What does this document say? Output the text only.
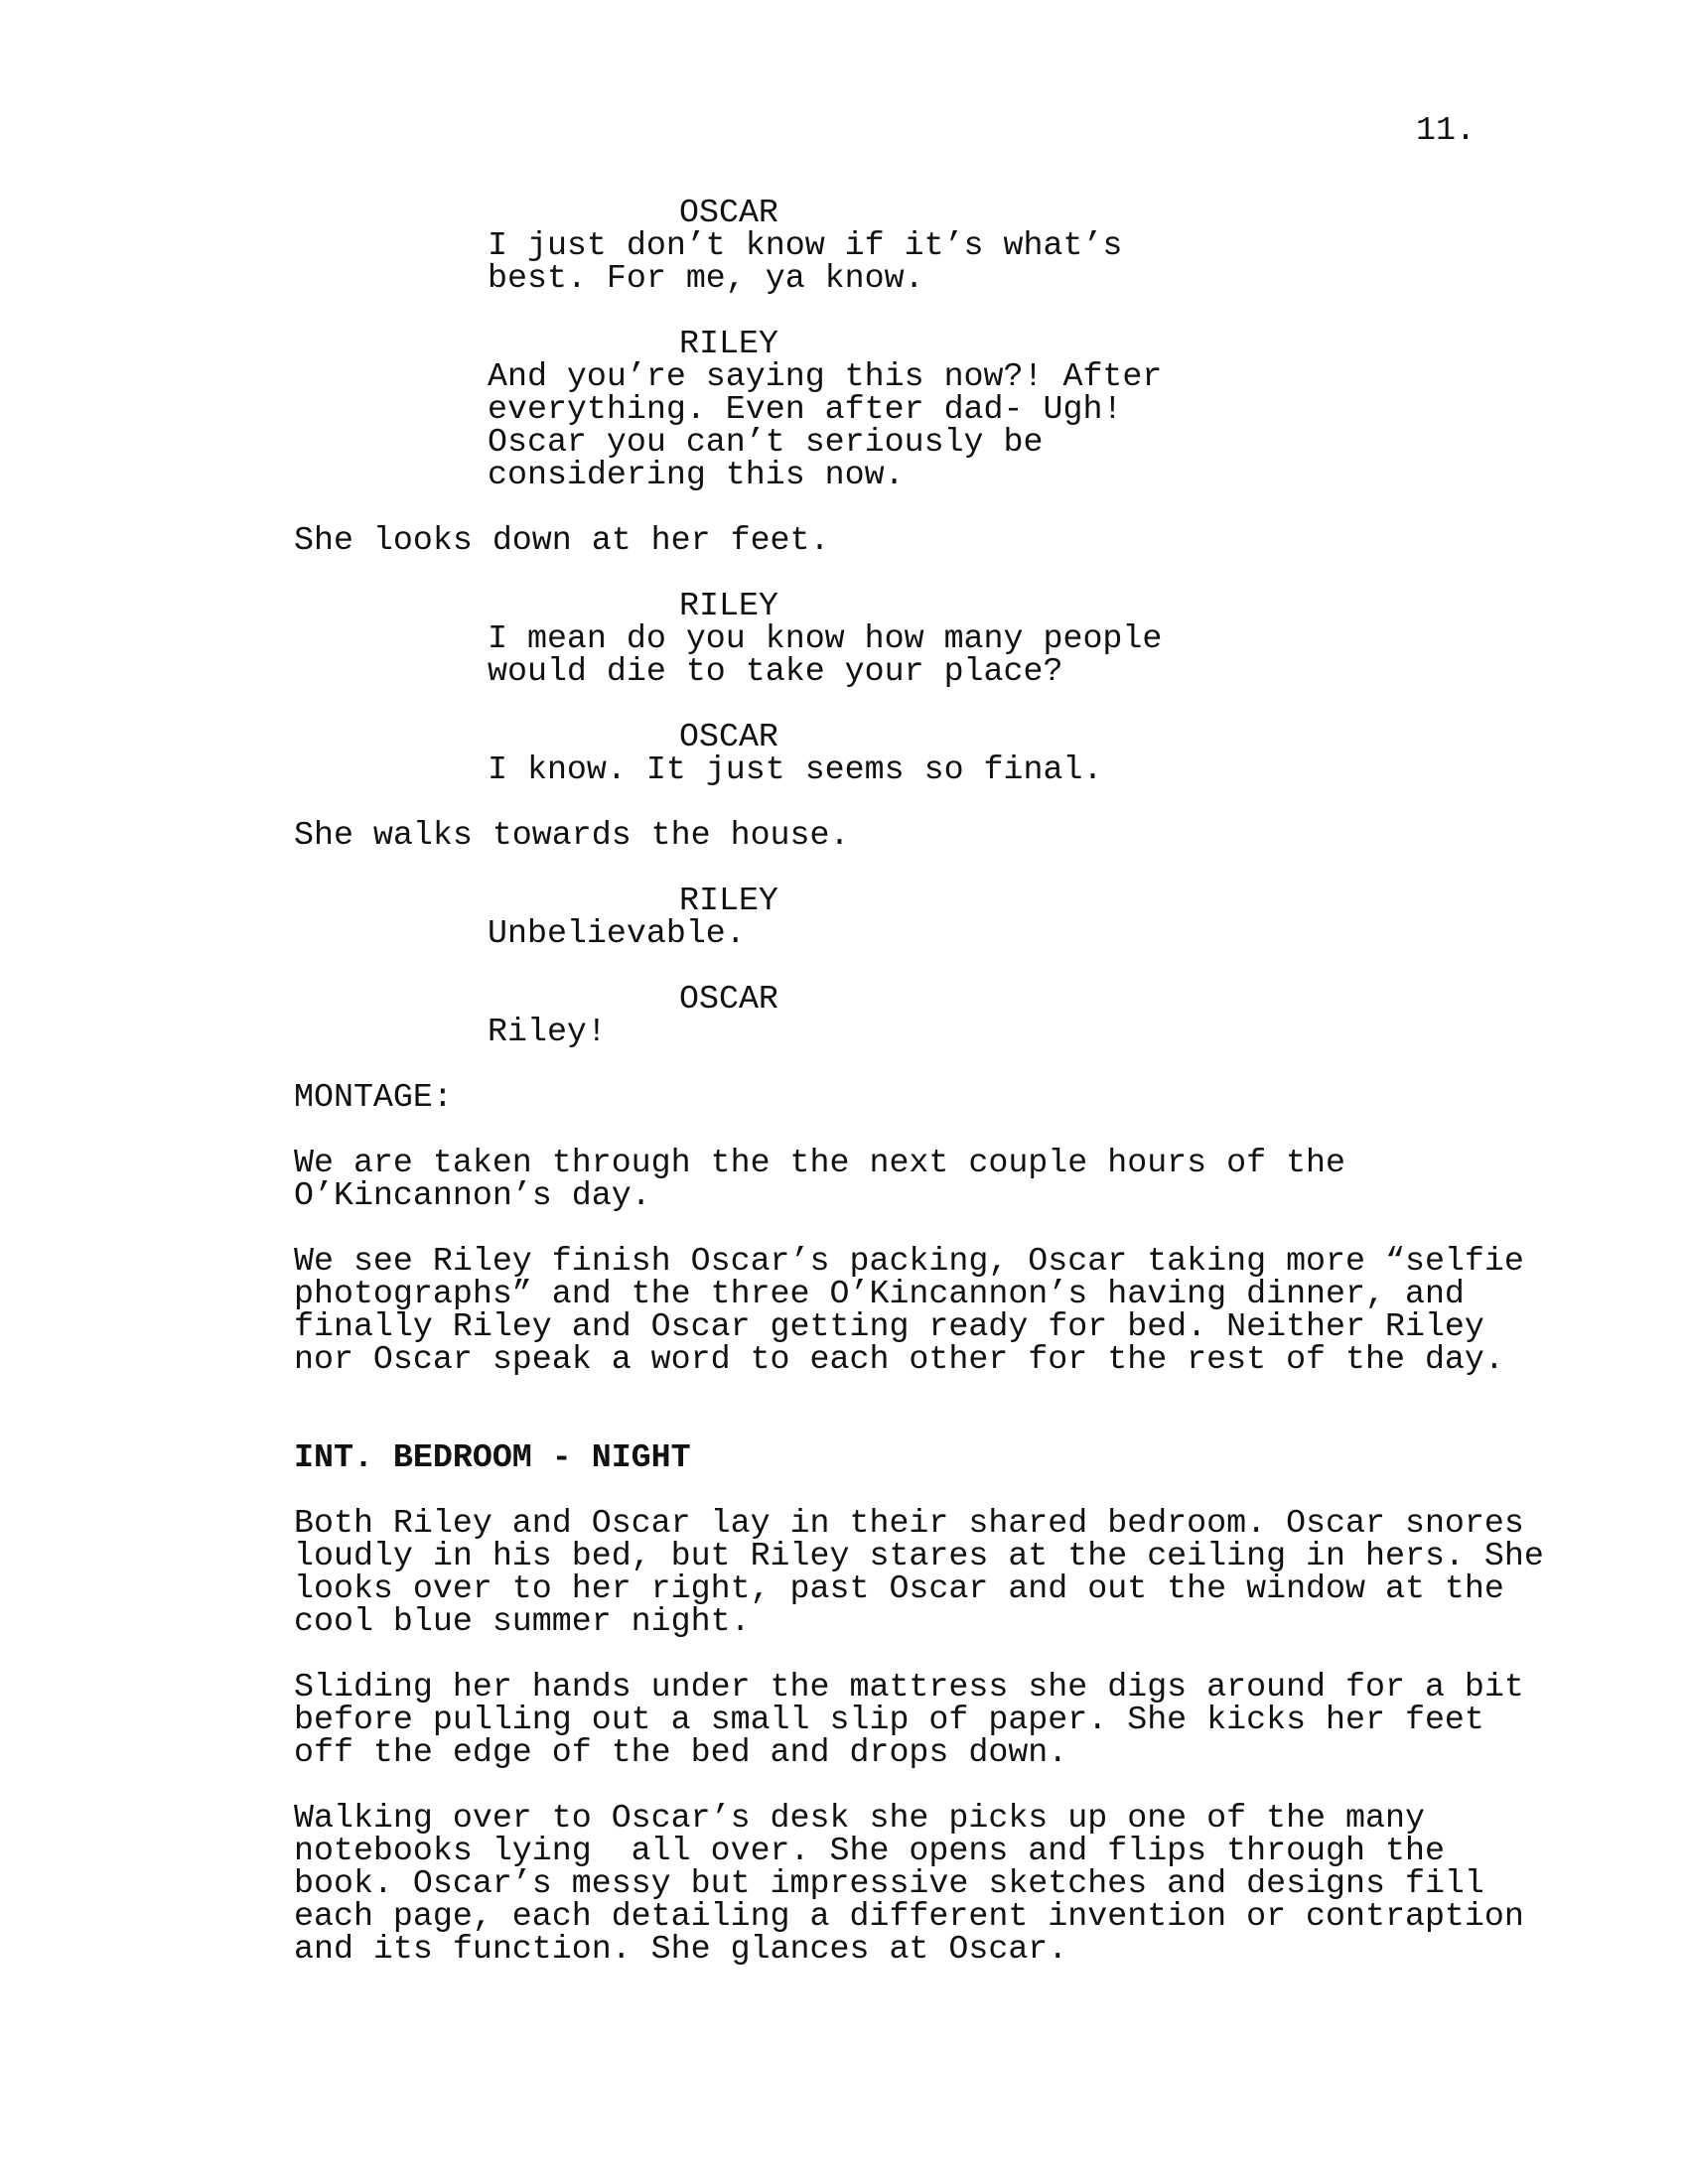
11.
OSCAR
I just don’t know if it’s what’s
best. For me, ya know.
RILEY
And you’re saying this now?! After
everything. Even after dad- Ugh!
Oscar you can’t seriously be
considering this now.
She looks down at her feet.
RILEY
I mean do you know how many people
would die to take your place?
OSCAR
I know. It just seems so final.
She walks towards the house.
RILEY
Unbelievable.
OSCAR
Riley!
MONTAGE:
We are taken through the the next couple hours of the
O’Kincannon’s day.
We see Riley finish Oscar’s packing, Oscar taking more “selfie
photographs” and the three O’Kincannon’s having dinner, and
finally Riley and Oscar getting ready for bed. Neither Riley
nor Oscar speak a word to each other for the rest of the day.
INT. BEDROOM - NIGHT
Both Riley and Oscar lay in their shared bedroom. Oscar snores
loudly in his bed, but Riley stares at the ceiling in hers. She
looks over to her right, past Oscar and out the window at the
cool blue summer night.
Sliding her hands under the mattress she digs around for a bit
before pulling out a small slip of paper. She kicks her feet
off the edge of the bed and drops down.
Walking over to Oscar’s desk she picks up one of the many
notebooks lying  all over. She opens and flips through the
book. Oscar’s messy but impressive sketches and designs fill
each page, each detailing a different invention or contraption
and its function. She glances at Oscar.
